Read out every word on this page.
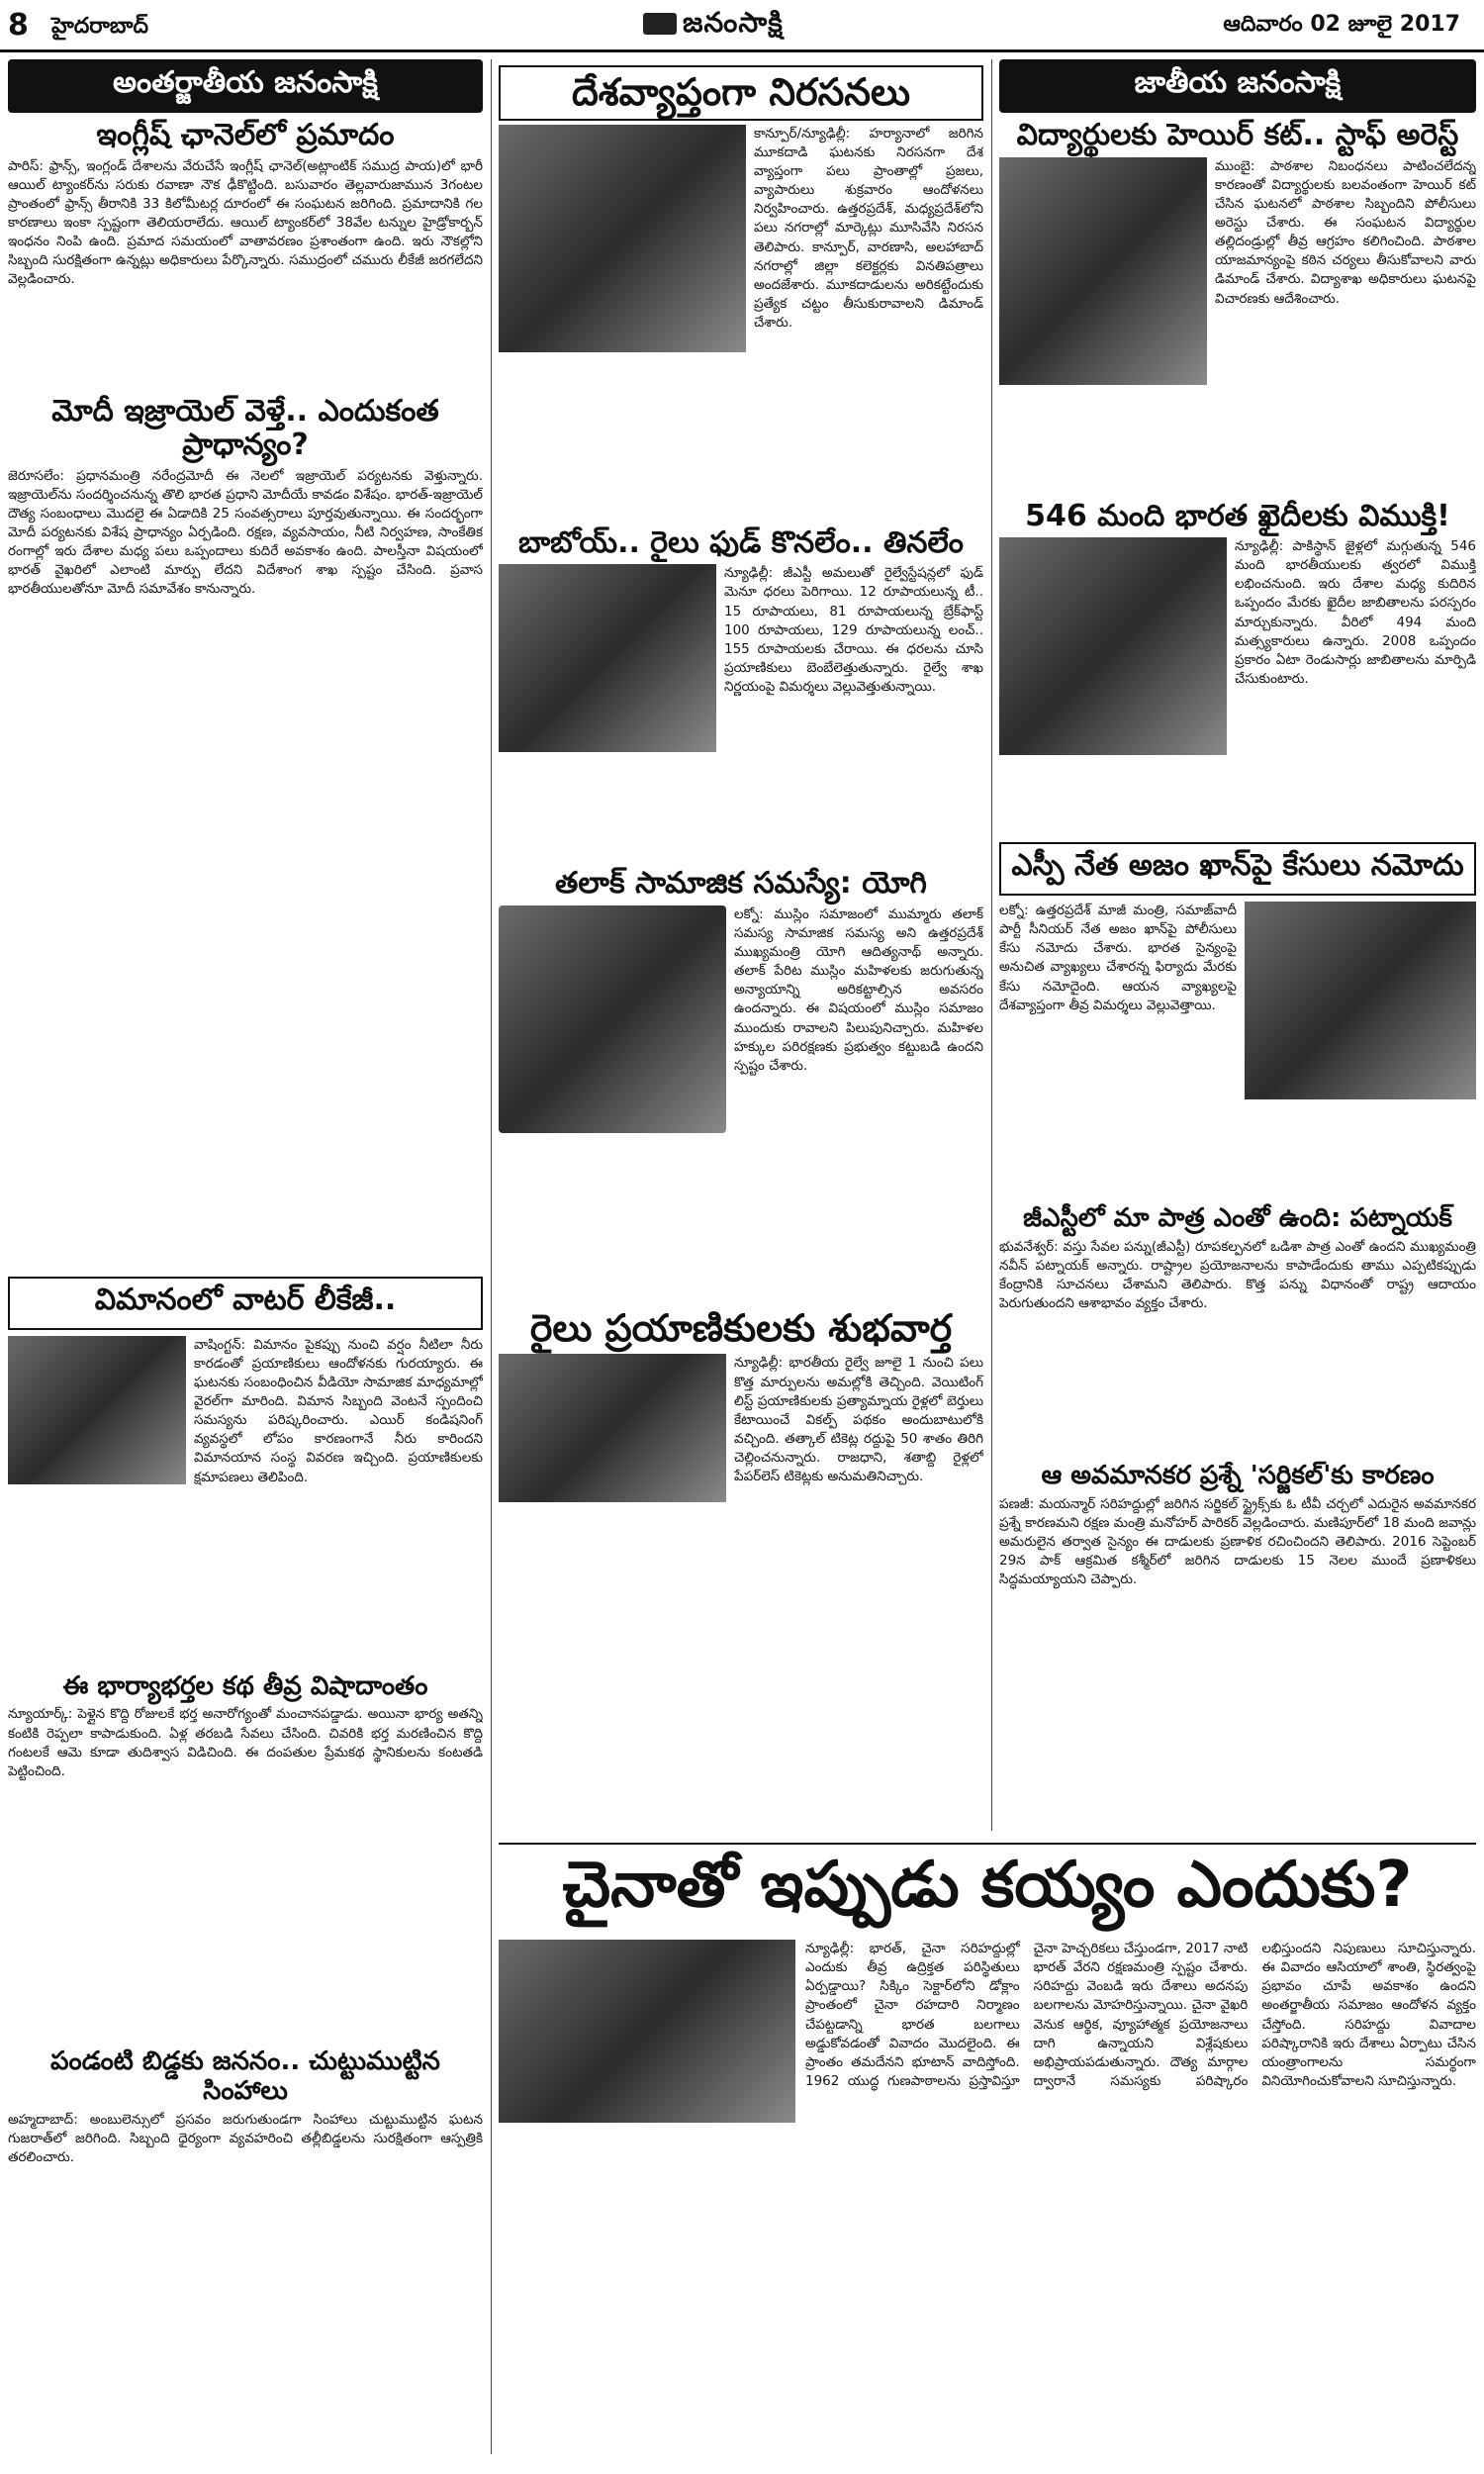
8 హైదరాబాద్	జనంసాక్షి	ఆదివారం 02 జూలై 2017
అంతర్జాతీయ జనంసాక్షి
ఇంగ్లీష్ ఛానెల్‌లో ప్రమాదం

పారిస్: ఫ్రాన్స్, ఇంగ్లండ్ దేశాలను వేరుచేసే ఇంగ్లీష్ ఛానెల్(అట్లాంటిక్ సముద్ర పాయ)లో భారీ ఆయిల్ ట్యాంకర్‌ను సరుకు రవాణా నౌక ఢీకొట్టింది. బసువారం తెల్లవారుజామున 3గంటల ప్రాంతంలో ఫ్రాన్స్ తీరానికి 33 కిలోమీటర్ల దూరంలో ఈ సంఘటన జరిగింది. ప్రమాదానికి గల కారణాలు ఇంకా స్పష్టంగా తెలియరాలేదు. ఆయిల్ ట్యాంకర్‌లో 38వేల టన్నుల హైడ్రోకార్బన్ ఇంధనం నింపి ఉంది. ప్రమాద సమయంలో వాతావరణం ప్రశాంతంగా ఉంది. ఇరు నౌకల్లోని సిబ్బంది సురక్షితంగా ఉన్నట్లు అధికారులు పేర్కొన్నారు. సముద్రంలో చమురు లీకేజీ జరగలేదని వెల్లడించారు.

మోదీ ఇజ్రాయెల్ వెళ్తే.. ఎందుకంత ప్రాధాన్యం?

జెరూసలేం: ప్రధానమంత్రి నరేంద్రమోదీ ఈ నెలలో ఇజ్రాయెల్ పర్యటనకు వెళ్తున్నారు. ఇజ్రాయెల్‌ను సందర్శించనున్న తొలి భారత ప్రధాని మోదీయే కావడం విశేషం. భారత్-ఇజ్రాయెల్ దౌత్య సంబంధాలు మొదలై ఈ ఏడాదికి 25 సంవత్సరాలు పూర్తవుతున్నాయి. ఈ సందర్భంగా మోదీ పర్యటనకు విశేష ప్రాధాన్యం ఏర్పడింది. రక్షణ, వ్యవసాయం, నీటి నిర్వహణ, సాంకేతిక రంగాల్లో ఇరు దేశాల మధ్య పలు ఒప్పందాలు కుదిరే అవకాశం ఉంది. పాలస్తీనా విషయంలో భారత్ వైఖరిలో ఎలాంటి మార్పు లేదని విదేశాంగ శాఖ స్పష్టం చేసింది. ప్రవాస భారతీయులతోనూ మోదీ సమావేశం కానున్నారు.

విమానంలో వాటర్ లీకేజీ..
వాషింగ్టన్: విమానం పైకప్పు నుంచి వర్షం నీటిలా నీరు కారడంతో ప్రయాణికులు ఆందోళనకు గురయ్యారు. ఈ ఘటనకు సంబంధించిన వీడియో సామాజిక మాధ్యమాల్లో వైరల్‌గా మారింది. విమాన సిబ్బంది వెంటనే స్పందించి సమస్యను పరిష్కరించారు. ఎయిర్ కండిషనింగ్ వ్యవస్థలో లోపం కారణంగానే నీరు కారిందని విమానయాన సంస్థ వివరణ ఇచ్చింది. ప్రయాణికులకు క్షమాపణలు తెలిపింది.
ఈ భార్యాభర్తల కథ తీవ్ర విషాదాంతం

న్యూయార్క్: పెళ్లైన కొద్ది రోజులకే భర్త అనారోగ్యంతో మంచానపడ్డాడు. అయినా భార్య అతన్ని కంటికి రెప్పలా కాపాడుకుంది. ఏళ్ల తరబడి సేవలు చేసింది. చివరికి భర్త మరణించిన కొద్ది గంటలకే ఆమె కూడా తుదిశ్వాస విడిచింది. ఈ దంపతుల ప్రేమకథ స్థానికులను కంటతడి పెట్టించింది.

పండంటి బిడ్డకు జననం.. చుట్టుముట్టిన సింహాలు

అహ్మదాబాద్: అంబులెన్సులో ప్రసవం జరుగుతుండగా సింహాలు చుట్టుముట్టిన ఘటన గుజరాత్‌లో జరిగింది. సిబ్బంది ధైర్యంగా వ్యవహరించి తల్లీబిడ్డలను సురక్షితంగా ఆస్పత్రికి తరలించారు.

దేశవ్యాప్తంగా నిరసనలు
కాన్పూర్/న్యూఢిల్లీ: హర్యానాలో జరిగిన మూకదాడి ఘటనకు నిరసనగా దేశ వ్యాప్తంగా పలు ప్రాంతాల్లో ప్రజలు, వ్యాపారులు శుక్రవారం ఆందోళనలు నిర్వహించారు. ఉత్తరప్రదేశ్, మధ్యప్రదేశ్‌లోని పలు నగరాల్లో మార్కెట్లు మూసివేసి నిరసన తెలిపారు. కాన్పూర్, వారణాసి, అలహాబాద్ నగరాల్లో జిల్లా కలెక్టర్లకు వినతిపత్రాలు అందజేశారు. మూకదాడులను అరికట్టేందుకు ప్రత్యేక చట్టం తీసుకురావాలని డిమాండ్ చేశారు.
బాబోయ్.. రైలు ఫుడ్ కొనలేం.. తినలేం
న్యూఢిల్లీ: జీఎస్టీ అమలుతో రైల్వేస్టేషన్లలో ఫుడ్ మెనూ ధరలు పెరిగాయి. 12 రూపాయలున్న టీ.. 15 రూపాయలు, 81 రూపాయలున్న బ్రేక్‌ఫాస్ట్ 100 రూపాయలు, 129 రూపాయలున్న లంచ్.. 155 రూపాయలకు చేరాయి. ఈ ధరలను చూసి ప్రయాణికులు బెంబేలెత్తుతున్నారు. రైల్వే శాఖ నిర్ణయంపై విమర్శలు వెల్లువెత్తుతున్నాయి.
తలాక్ సామాజిక సమస్యే: యోగి
లక్నో: ముస్లిం సమాజంలో ముమ్మారు తలాక్ సమస్య సామాజిక సమస్య అని ఉత్తరప్రదేశ్ ముఖ్యమంత్రి యోగి ఆదిత్యనాథ్ అన్నారు. తలాక్ పేరిట ముస్లిం మహిళలకు జరుగుతున్న అన్యాయాన్ని అరికట్టాల్సిన అవసరం ఉందన్నారు. ఈ విషయంలో ముస్లిం సమాజం ముందుకు రావాలని పిలుపునిచ్చారు. మహిళల హక్కుల పరిరక్షణకు ప్రభుత్వం కట్టుబడి ఉందని స్పష్టం చేశారు.
రైలు ప్రయాణికులకు శుభవార్త
న్యూఢిల్లీ: భారతీయ రైల్వే జూలై 1 నుంచి పలు కొత్త మార్పులను అమల్లోకి తెచ్చింది. వెయిటింగ్ లిస్ట్ ప్రయాణికులకు ప్రత్యామ్నాయ రైళ్లలో బెర్తులు కేటాయించే వికల్ప్ పథకం అందుబాటులోకి వచ్చింది. తత్కాల్ టికెట్ల రద్దుపై 50 శాతం తిరిగి చెల్లించనున్నారు. రాజధాని, శతాబ్ది రైళ్లలో పేపర్‌లెస్ టికెట్లకు అనుమతినిచ్చారు.
జాతీయ జనంసాక్షి
విద్యార్థులకు హెయిర్ కట్.. స్టాఫ్ అరెస్ట్
ముంబై: పాఠశాల నిబంధనలు పాటించలేదన్న కారణంతో విద్యార్థులకు బలవంతంగా హెయిర్ కట్ చేసిన ఘటనలో పాఠశాల సిబ్బందిని పోలీసులు అరెస్టు చేశారు. ఈ సంఘటన విద్యార్థుల తల్లిదండ్రుల్లో తీవ్ర ఆగ్రహం కలిగించింది. పాఠశాల యాజమాన్యంపై కఠిన చర్యలు తీసుకోవాలని వారు డిమాండ్ చేశారు. విద్యాశాఖ అధికారులు ఘటనపై విచారణకు ఆదేశించారు.
546 మంది భారత ఖైదీలకు విముక్తి!
న్యూఢిల్లీ: పాకిస్థాన్ జైళ్లలో మగ్గుతున్న 546 మంది భారతీయులకు త్వరలో విముక్తి లభించనుంది. ఇరు దేశాల మధ్య కుదిరిన ఒప్పందం మేరకు ఖైదీల జాబితాలను పరస్పరం మార్చుకున్నారు. వీరిలో 494 మంది మత్స్యకారులు ఉన్నారు. 2008 ఒప్పందం ప్రకారం ఏటా రెండుసార్లు జాబితాలను మార్పిడి చేసుకుంటారు.
ఎస్పీ నేత అజం ఖాన్‌పై కేసులు నమోదు
లక్నో: ఉత్తరప్రదేశ్ మాజీ మంత్రి, సమాజ్‌వాదీ పార్టీ సీనియర్ నేత అజం ఖాన్‌పై పోలీసులు కేసు నమోదు చేశారు. భారత సైన్యంపై అనుచిత వ్యాఖ్యలు చేశారన్న ఫిర్యాదు మేరకు కేసు నమోదైంది. ఆయన వ్యాఖ్యలపై దేశవ్యాప్తంగా తీవ్ర విమర్శలు వెల్లువెత్తాయి.
జీఎస్టీలో మా పాత్ర ఎంతో ఉంది: పట్నాయక్

భువనేశ్వర్: వస్తు సేవల పన్ను(జీఎస్టీ) రూపకల్పనలో ఒడిశా పాత్ర ఎంతో ఉందని ముఖ్యమంత్రి నవీన్ పట్నాయక్ అన్నారు. రాష్ట్రాల ప్రయోజనాలను కాపాడేందుకు తాము ఎప్పటికప్పుడు కేంద్రానికి సూచనలు చేశామని తెలిపారు. కొత్త పన్ను విధానంతో రాష్ట్ర ఆదాయం పెరుగుతుందని ఆశాభావం వ్యక్తం చేశారు.

ఆ అవమానకర ప్రశ్నే 'సర్జికల్'కు కారణం

పణజీ: మయన్మార్ సరిహద్దుల్లో జరిగిన సర్జికల్ స్ట్రైక్స్‌కు ఓ టీవీ చర్చలో ఎదురైన అవమానకర ప్రశ్నే కారణమని రక్షణ మంత్రి మనోహర్ పారికర్ వెల్లడించారు. మణిపూర్‌లో 18 మంది జవాన్లు అమరులైన తర్వాత సైన్యం ఈ దాడులకు ప్రణాళిక రచించిందని తెలిపారు. 2016 సెప్టెంబర్ 29న పాక్ ఆక్రమిత కశ్మీర్‌లో జరిగిన దాడులకు 15 నెలల ముందే ప్రణాళికలు సిద్ధమయ్యాయని చెప్పారు.

చైనాతో ఇప్పుడు కయ్యం ఎందుకు?
న్యూఢిల్లీ: భారత్, చైనా సరిహద్దుల్లో ఎందుకు తీవ్ర ఉద్రిక్తత పరిస్థితులు ఏర్పడ్డాయి? సిక్కిం సెక్టార్‌లోని డోక్లాం ప్రాంతంలో చైనా రహదారి నిర్మాణం చేపట్టడాన్ని భారత బలగాలు అడ్డుకోవడంతో వివాదం మొదలైంది. ఈ ప్రాంతం తమదేనని భూటాన్ వాదిస్తోంది. 1962 యుద్ధ గుణపాఠాలను ప్రస్తావిస్తూ చైనా హెచ్చరికలు చేస్తుండగా, 2017 నాటి భారత్ వేరని రక్షణమంత్రి స్పష్టం చేశారు. సరిహద్దు వెంబడి ఇరు దేశాలు అదనపు బలగాలను మోహరిస్తున్నాయి. చైనా వైఖరి వెనుక ఆర్థిక, వ్యూహాత్మక ప్రయోజనాలు దాగి ఉన్నాయని విశ్లేషకులు అభిప్రాయపడుతున్నారు. దౌత్య మార్గాల ద్వారానే సమస్యకు పరిష్కారం లభిస్తుందని నిపుణులు సూచిస్తున్నారు. ఈ వివాదం ఆసియాలో శాంతి, స్థిరత్వంపై ప్రభావం చూపే అవకాశం ఉందని అంతర్జాతీయ సమాజం ఆందోళన వ్యక్తం చేస్తోంది. సరిహద్దు వివాదాల పరిష్కారానికి ఇరు దేశాలు ఏర్పాటు చేసిన యంత్రాంగాలను సమర్థంగా వినియోగించుకోవాలని సూచిస్తున్నారు.
